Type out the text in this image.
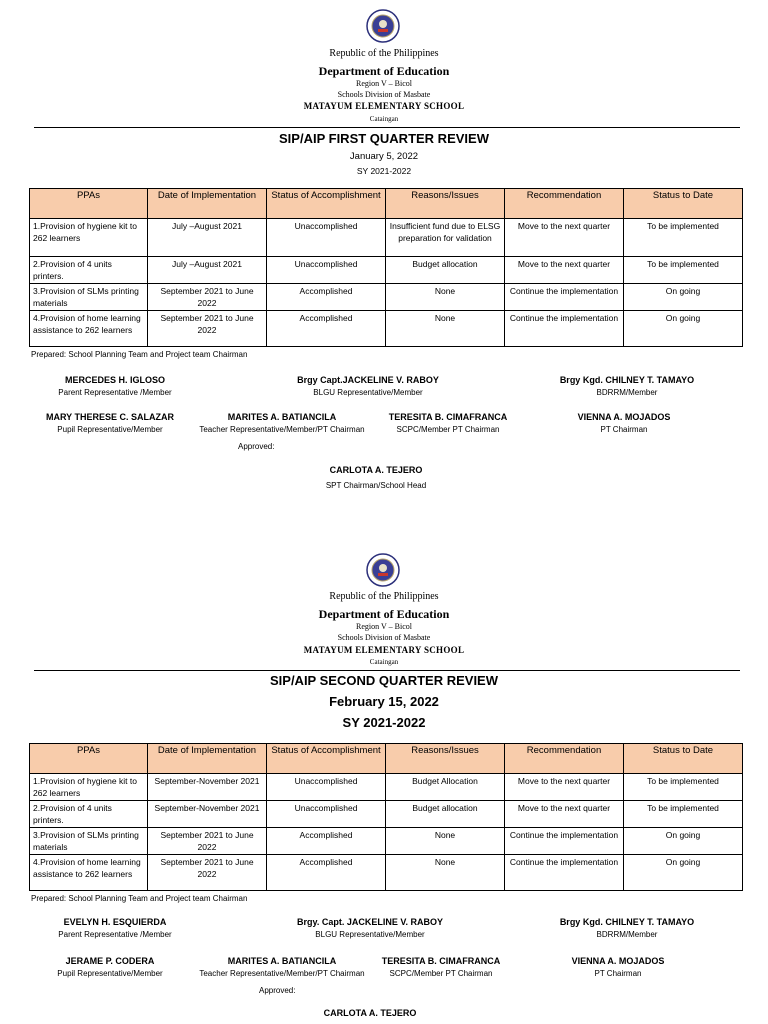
Republic of the Philippines
Department of Education
Region V – Bicol
Schools Division of Masbate
MATAYUM ELEMENTARY SCHOOL
Cataingan
SIP/AIP FIRST QUARTER REVIEW
January 5, 2022
SY 2021-2022
PPAs	Date of Implementation	Status of Accomplishment	Reasons/Issues	Recommendation	Status to Date
1.Provision of hygiene kit to 262 learners	July –August 2021	Unaccomplished	Insufficient fund due to ELSG preparation for validation	Move to the next quarter	To be implemented
2.Provision of 4 units printers.	July –August 2021	Unaccomplished	Budget allocation	Move to the next quarter	To be implemented
3.Provision of SLMs printing materials	September 2021 to June 2022	Accomplished	None	Continue the implementation	On going
4.Provision of home learning assistance to 262 learners	September 2021 to June 2022	Accomplished	None	Continue the implementation	On going
Prepared: School Planning Team and Project team Chairman
MERCEDES H. IGLOSO
Parent Representative /Member
Brgy Capt.JACKELINE V. RABOY
BLGU Representative/Member
Brgy Kgd. CHILNEY T. TAMAYO
BDRRM/Member
MARY THERESE C. SALAZAR
Pupil Representative/Member
MARITES A. BATIANCILA
Teacher Representative/Member/PT Chairman
TERESITA B. CIMAFRANCA
SCPC/Member PT Chairman
VIENNA A. MOJADOS
PT Chairman
Approved:
CARLOTA A. TEJERO
SPT Chairman/School Head
Republic of the Philippines
Department of Education
Region V – Bicol
Schools Division of Masbate
MATAYUM ELEMENTARY SCHOOL
Cataingan
SIP/AIP SECOND QUARTER REVIEW
February 15, 2022
SY 2021-2022
PPAs	Date of Implementation	Status of Accomplishment	Reasons/Issues	Recommendation	Status to Date
1.Provision of hygiene kit to 262 learners	September-November 2021	Unaccomplished	Budget Allocation	Move to the next quarter	To be implemented
2.Provision of 4 units printers.	September-November 2021	Unaccomplished	Budget allocation	Move to the next quarter	To be implemented
3.Provision of SLMs printing materials	September 2021 to June 2022	Accomplished	None	Continue the implementation	On going
4.Provision of home learning assistance to 262 learners	September 2021 to June 2022	Accomplished	None	Continue the implementation	On going
Prepared: School Planning Team and Project team Chairman
EVELYN H. ESQUIERDA
Parent Representative /Member
Brgy. Capt. JACKELINE V. RABOY
BLGU Representative/Member
Brgy Kgd. CHILNEY T. TAMAYO
BDRRM/Member
JERAME P. CODERA
Pupil Representative/Member
MARITES A. BATIANCILA
Teacher Representative/Member/PT Chairman
TERESITA B. CIMAFRANCA
SCPC/Member PT Chairman
VIENNA A. MOJADOS
PT Chairman
Approved:
CARLOTA A. TEJERO
